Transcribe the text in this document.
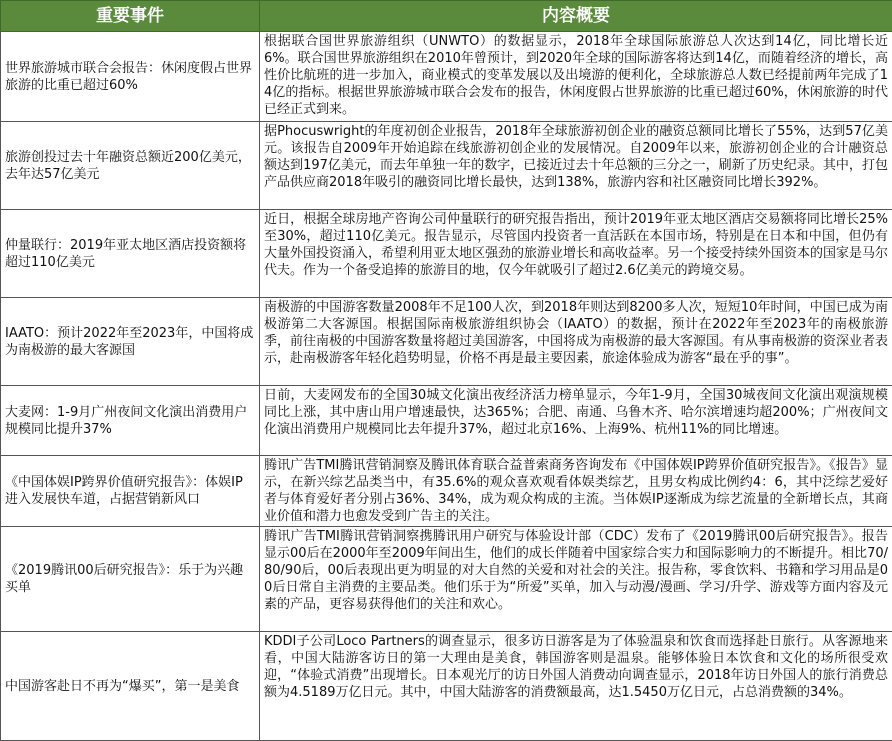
重要事件	内容概要
世界旅游城市联合会报告：休闲度假占世界旅游的比重已超过60%	根据联合国世界旅游组织（UNWTO）的数据显示，2018年全球国际旅游总人次达到14亿，同比增长近6%。联合国世界旅游组织在2010年曾预计，到2020年全球的国际游客将达到14亿，而随着经济的增长，高性价比航班的进一步加入，商业模式的变革发展以及出境游的便利化，全球旅游总人数已经提前两年完成了14亿的指标。根据世界旅游城市联合会发布的报告，休闲度假占世界旅游的比重已超过60%，休闲旅游的时代已经正式到来。
旅游创投过去十年融资总额近200亿美元，去年达57亿美元	据Phocuswright的年度初创企业报告，2018年全球旅游初创企业的融资总额同比增长了55%，达到57亿美元。该报告自2009年开始追踪在线旅游初创企业的发展情况。自2009年以来，旅游初创企业的合计融资总额达到197亿美元，而去年单独一年的数字，已接近过去十年总额的三分之一，刷新了历史纪录。其中，打包产品供应商2018年吸引的融资同比增长最快，达到138%，旅游内容和社区融资同比增长392%。
仲量联行：2019年亚太地区酒店投资额将超过110亿美元	近日，根据全球房地产咨询公司仲量联行的研究报告指出，预计2019年亚太地区酒店交易额将同比增长25%至30%，超过110亿美元。报告显示，尽管国内投资者一直活跃在本国市场，特别是在日本和中国，但仍有大量外国投资涌入，希望利用亚太地区强劲的旅游业增长和高收益率。另一个接受持续外国资本的国家是马尔代夫。作为一个备受追捧的旅游目的地，仅今年就吸引了超过2.6亿美元的跨境交易。
IAATO：预计2022年至2023年，中国将成为南极游的最大客源国	南极游的中国游客数量2008年不足100人次，到2018年则达到8200多人次，短短10年时间，中国已成为南极游第二大客源国。根据国际南极旅游组织协会（IAATO）的数据，预计在2022年至2023年的南极旅游季，前往南极的中国游客数量将超过美国游客，中国将成为南极游的最大客源国。有从事南极游的资深业者表示，赴南极游客年轻化趋势明显，价格不再是最主要因素，旅途体验成为游客“最在乎的事”。
大麦网：1-9月广州夜间文化演出消费用户规模同比提升37%	日前，大麦网发布的全国30城文化演出夜经济活力榜单显示，今年1-9月，全国30城夜间文化演出观演规模同比上涨，其中唐山用户增速最快，达365%；合肥、南通、乌鲁木齐、哈尔滨增速均超200%；广州夜间文化演出消费用户规模同比去年提升37%，超过北京16%、上海9%、杭州11%的同比增速。
《中国体娱IP跨界价值研究报告》：体娱IP进入发展快车道，占据营销新风口	腾讯广告TMI腾讯营销洞察及腾讯体育联合益普索商务咨询发布《中国体娱IP跨界价值研究报告》。《报告》显示，在新兴综艺品类当中，有35.6%的观众喜欢观看体娱类综艺，且男女构成比例约4：6，其中泛综艺爱好者与体育爱好者分别占36%、34%，成为观众构成的主流。当体娱IP逐渐成为综艺流量的全新增长点，其商业价值和潜力也愈发受到广告主的关注。
《2019腾讯00后研究报告》：乐于为兴趣买单	腾讯广告TMI腾讯营销洞察携腾讯用户研究与体验设计部（CDC）发布了《2019腾讯00后研究报告》。报告显示00后在2000年至2009年间出生，他们的成长伴随着中国家综合实力和国际影响力的不断提升。相比70/80/90后，00后表现出更为明显的对大自然的关爱和对社会的关注。报告称，零食饮料、书籍和学习用品是00后日常自主消费的主要品类。他们乐于为“所爱”买单，加入与动漫/漫画、学习/升学、游戏等方面内容及元素的产品，更容易获得他们的关注和欢心。
中国游客赴日不再为“爆买”，第一是美食	KDDI子公司Loco Partners的调查显示，很多访日游客是为了体验温泉和饮食而选择赴日旅行。从客源地来看，中国大陆游客访日的第一大理由是美食，韩国游客则是温泉。能够体验日本饮食和文化的场所很受欢迎，“体验式消费”出现增长。日本观光厅的访日外国人消费动向调查显示，2018年访日外国人的旅行消费总额为4.5189万亿日元。其中，中国大陆游客的消费额最高，达1.5450万亿日元，占总消费额的34%。
